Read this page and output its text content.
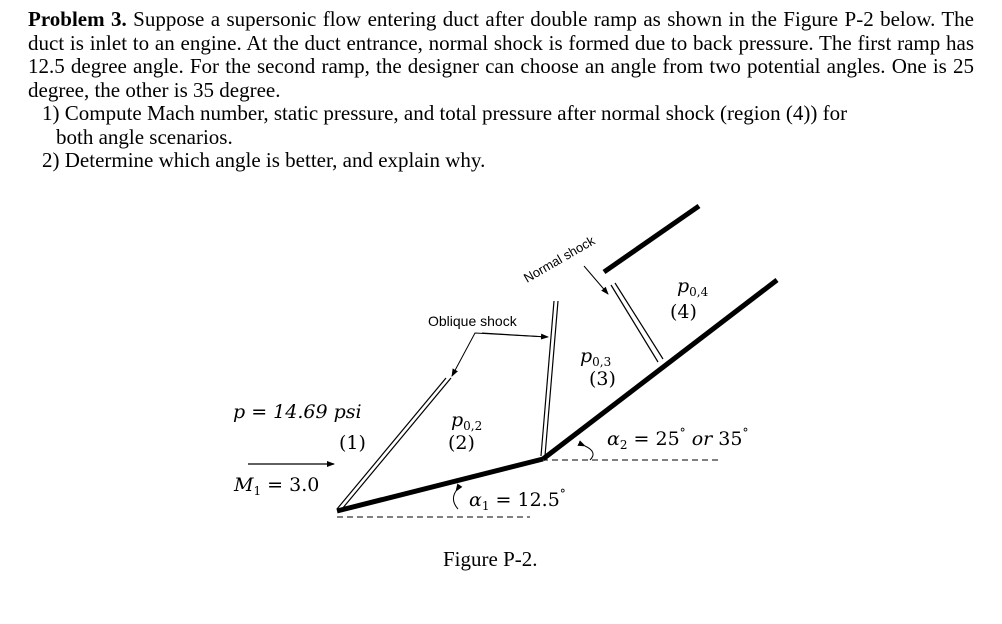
Problem 3. Suppose a supersonic flow entering duct after double ramp as shown in the Figure P-2 below. The duct is inlet to an engine. At the duct entrance, normal shock is formed due to back pressure. The first ramp has 12.5 degree angle. For the second ramp, the designer can choose an angle from two potential angles. One is 25 degree, the other is 35 degree.
1) Compute Mach number, static pressure, and total pressure after normal shock (region (4)) for
both angle scenarios.
2) Determine which angle is better, and explain why.
Normal shock
Oblique shock
p = 14.69 psi
(1)
$M_1 = 3.0$
$p_{0,2}$
(2)
$p_{0,3}$
(3)
$p_{0,4}$
(4)
$\alpha_1 = 12.5^\circ$
$\alpha_2 = 25^\circ$ or 35°
Figure P-2.
